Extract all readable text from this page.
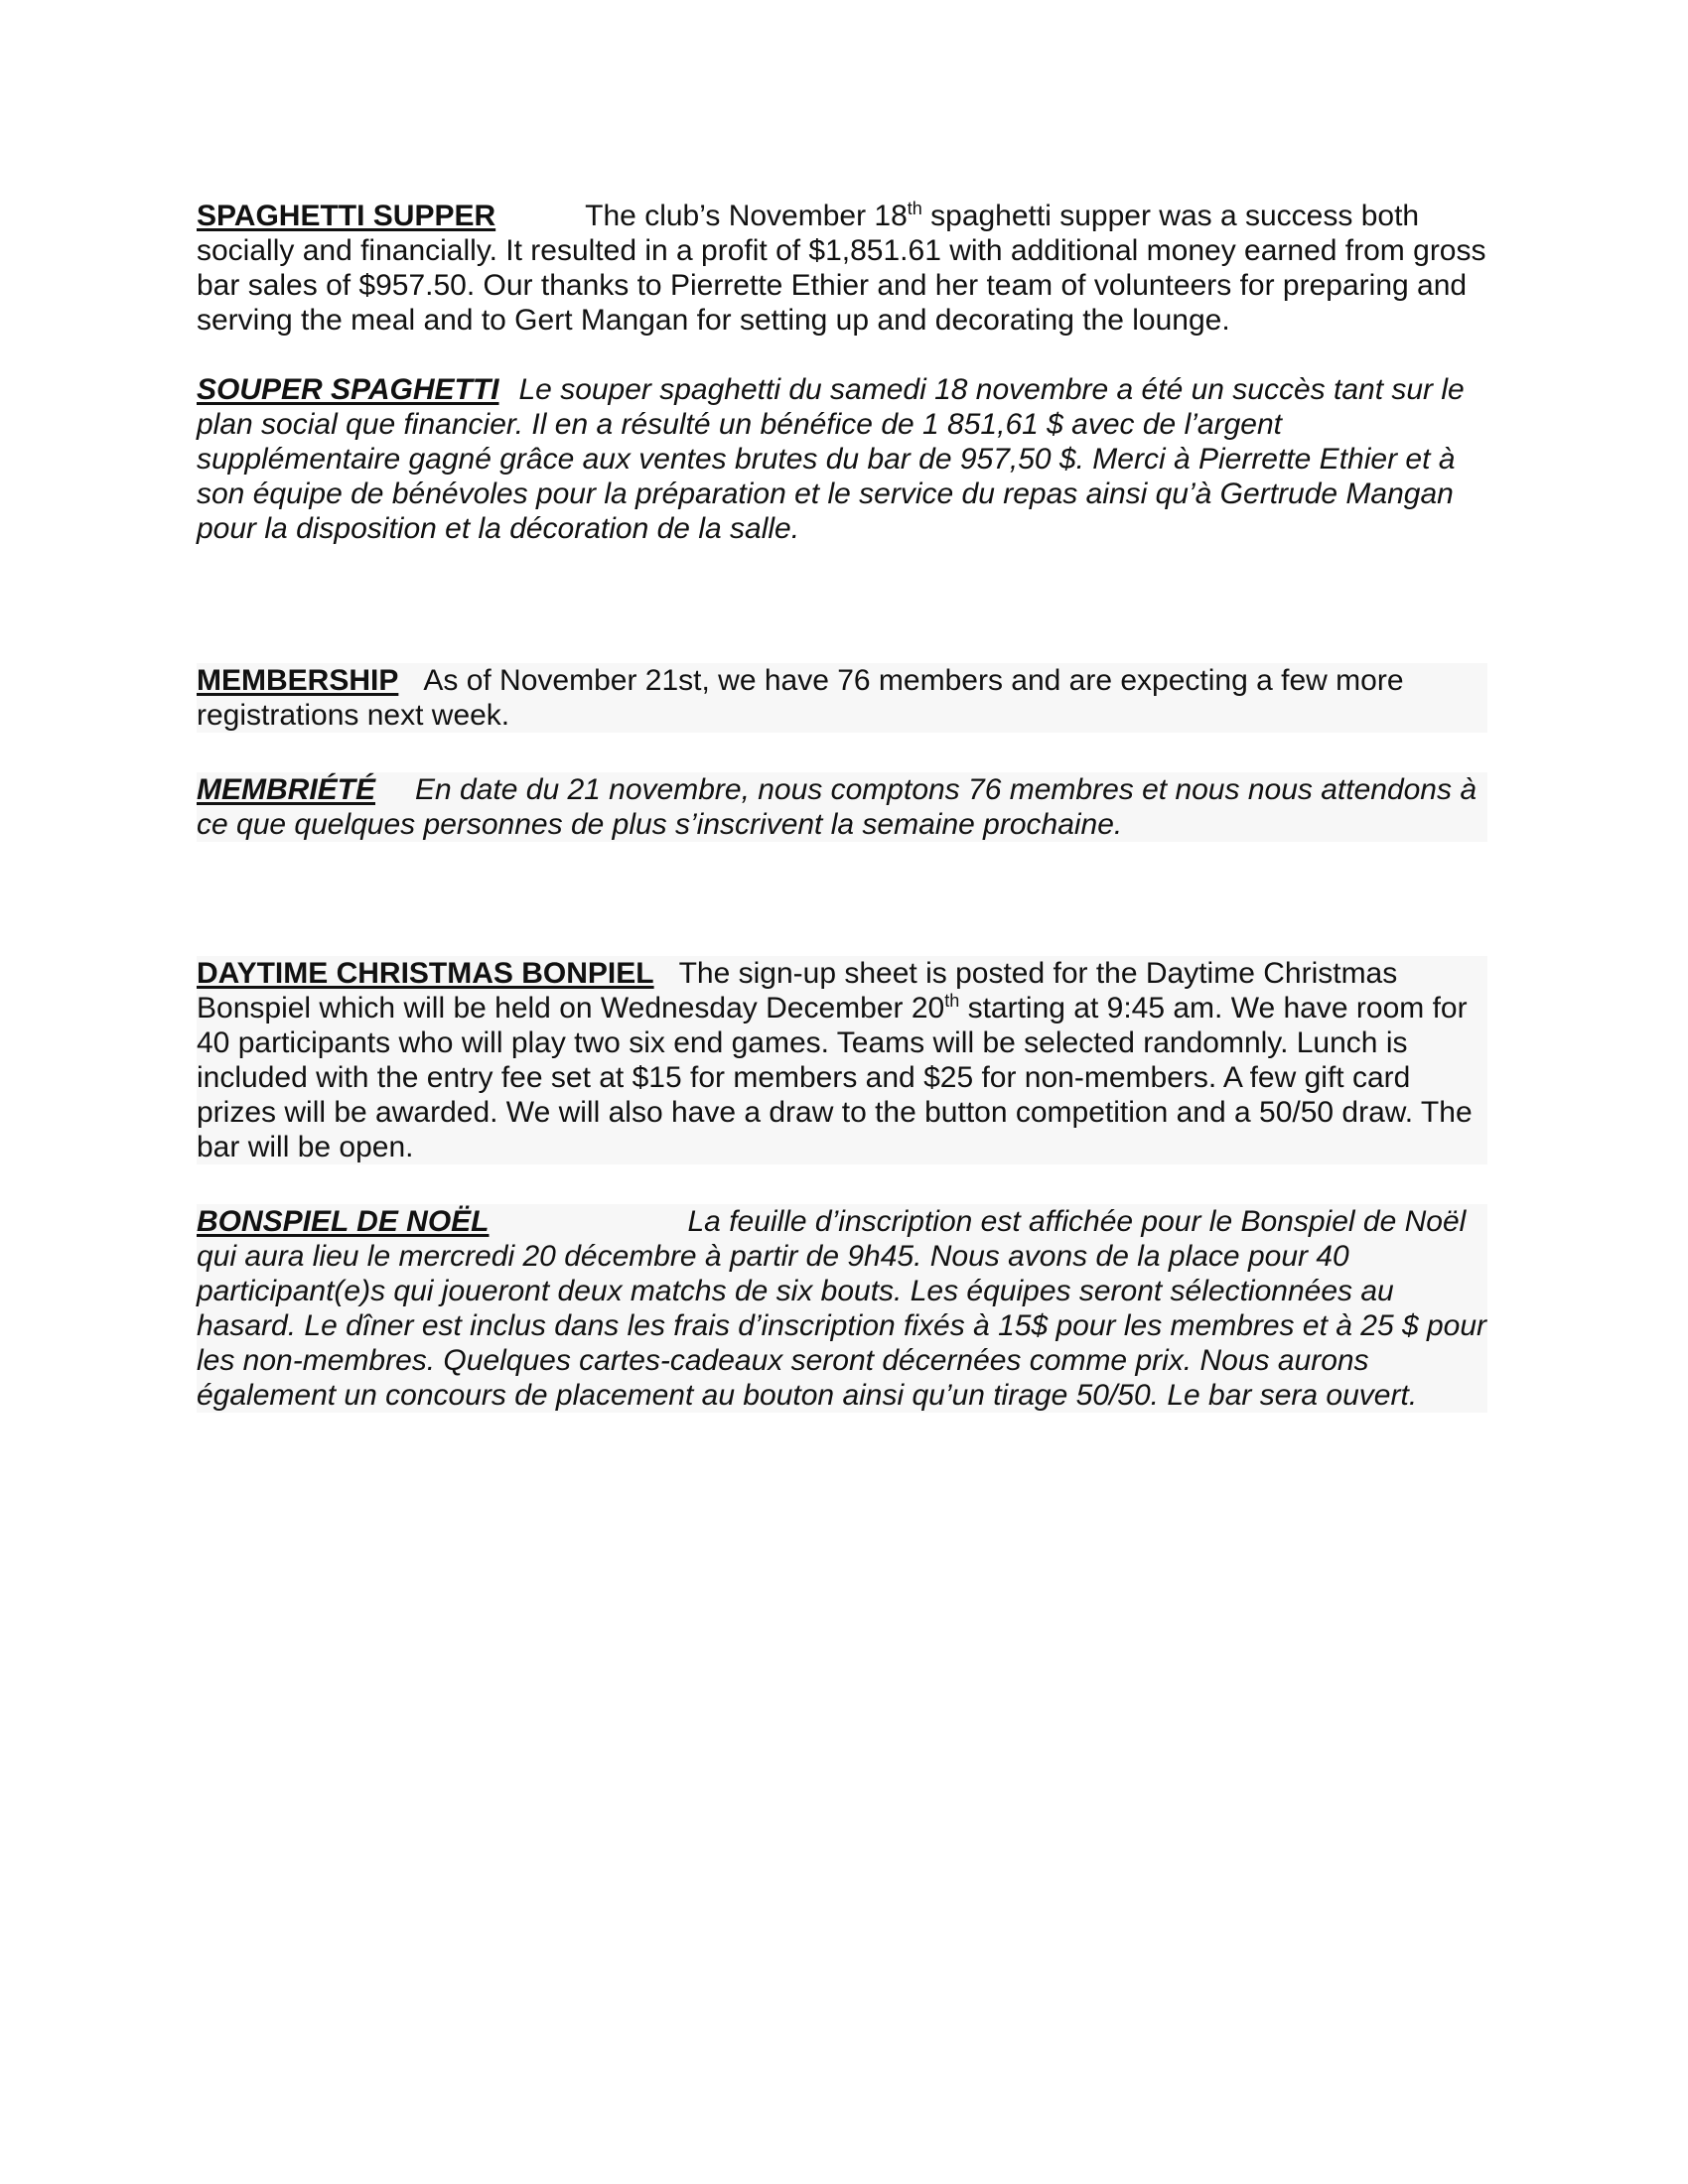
SPAGHETTI SUPPER	The club’s November 18th spaghetti supper was a success both socially and financially. It resulted in a profit of $1,851.61 with additional money earned from gross bar sales of $957.50. Our thanks to Pierrette Ethier and her team of volunteers for preparing and serving the meal and to Gert Mangan for setting up and decorating the lounge.
SOUPER SPAGHETTI Le souper spaghetti du samedi 18 novembre a été un succès tant sur le plan social que financier. Il en a résulté un bénéfice de 1 851,61 $ avec de l’argent supplémentaire gagné grâce aux ventes brutes du bar de 957,50 $. Merci à Pierrette Ethier et à son équipe de bénévoles pour la préparation et le service du repas ainsi qu’à Gertrude Mangan pour la disposition et la décoration de la salle.
MEMBERSHIP As of November 21st, we have 76 members and are expecting a few more registrations next week.
MEMBRIÉTÉ En date du 21 novembre, nous comptons 76 membres et nous nous attendons à ce que quelques personnes de plus s’inscrivent la semaine prochaine.
DAYTIME CHRISTMAS BONPIEL The sign-up sheet is posted for the Daytime Christmas Bonspiel which will be held on Wednesday December 20th starting at 9:45 am. We have room for 40 participants who will play two six end games. Teams will be selected randomnly. Lunch is included with the entry fee set at $15 for members and $25 for non-members. A few gift card prizes will be awarded. We will also have a draw to the button competition and a 50/50 draw. The bar will be open.
BONSPIEL DE NOËL	La feuille d’inscription est affichée pour le Bonspiel de Noël qui aura lieu le mercredi 20 décembre à partir de 9h45. Nous avons de la place pour 40 participant(e)s qui joueront deux matchs de six bouts. Les équipes seront sélectionnées au hasard. Le dîner est inclus dans les frais d’inscription fixés à 15$ pour les membres et à 25 $ pour les non-membres. Quelques cartes-cadeaux seront décernées comme prix. Nous aurons également un concours de placement au bouton ainsi qu’un tirage 50/50. Le bar sera ouvert.
